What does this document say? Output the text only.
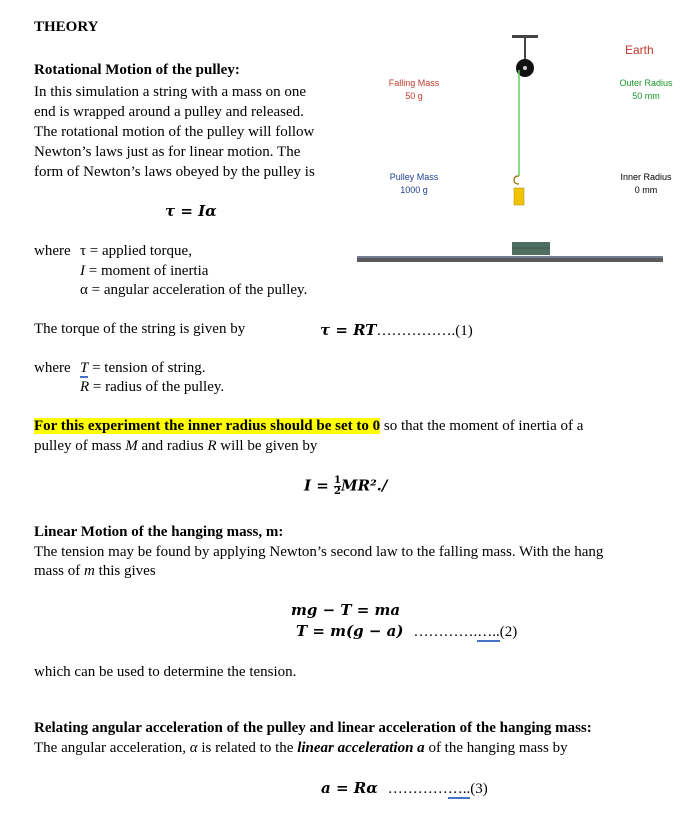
THEORY
Rotational Motion of the pulley:
In this simulation a string with a mass on one
end is wrapped around a pulley and released.
The rotational motion of the pulley will follow
Newton’s laws just as for linear motion. The
form of Newton’s laws obeyed by the pulley is
τ = Iα
where τ = applied torque,
I = moment of inertia
α = angular acceleration of the pulley.
The torque of the string is given by	τ = RT…………….(1)
where T = tension of string.
R = radius of the pulley.
For this experiment the inner radius should be set to 0 so that the moment of inertia of a
pulley of mass M and radius R will be given by
$I = \frac{1}{2} MR^2./$
Linear Motion of the hanging mass, m:
The tension may be found by applying Newton’s second law to the falling mass. With the hang
mass of m this gives
mg − T = ma
T = m(g − a) ………….…..(2)
which can be used to determine the tension.
Relating angular acceleration of the pulley and linear acceleration of the hanging mass:
The angular acceleration, α is related to the linear acceleration a of the hanging mass by
a = Rα ……………..(3)
Earth
Falling Mass
50 g
Pulley Mass
1000 g
Outer Radius
50 mm
Inner Radius
0 mm
